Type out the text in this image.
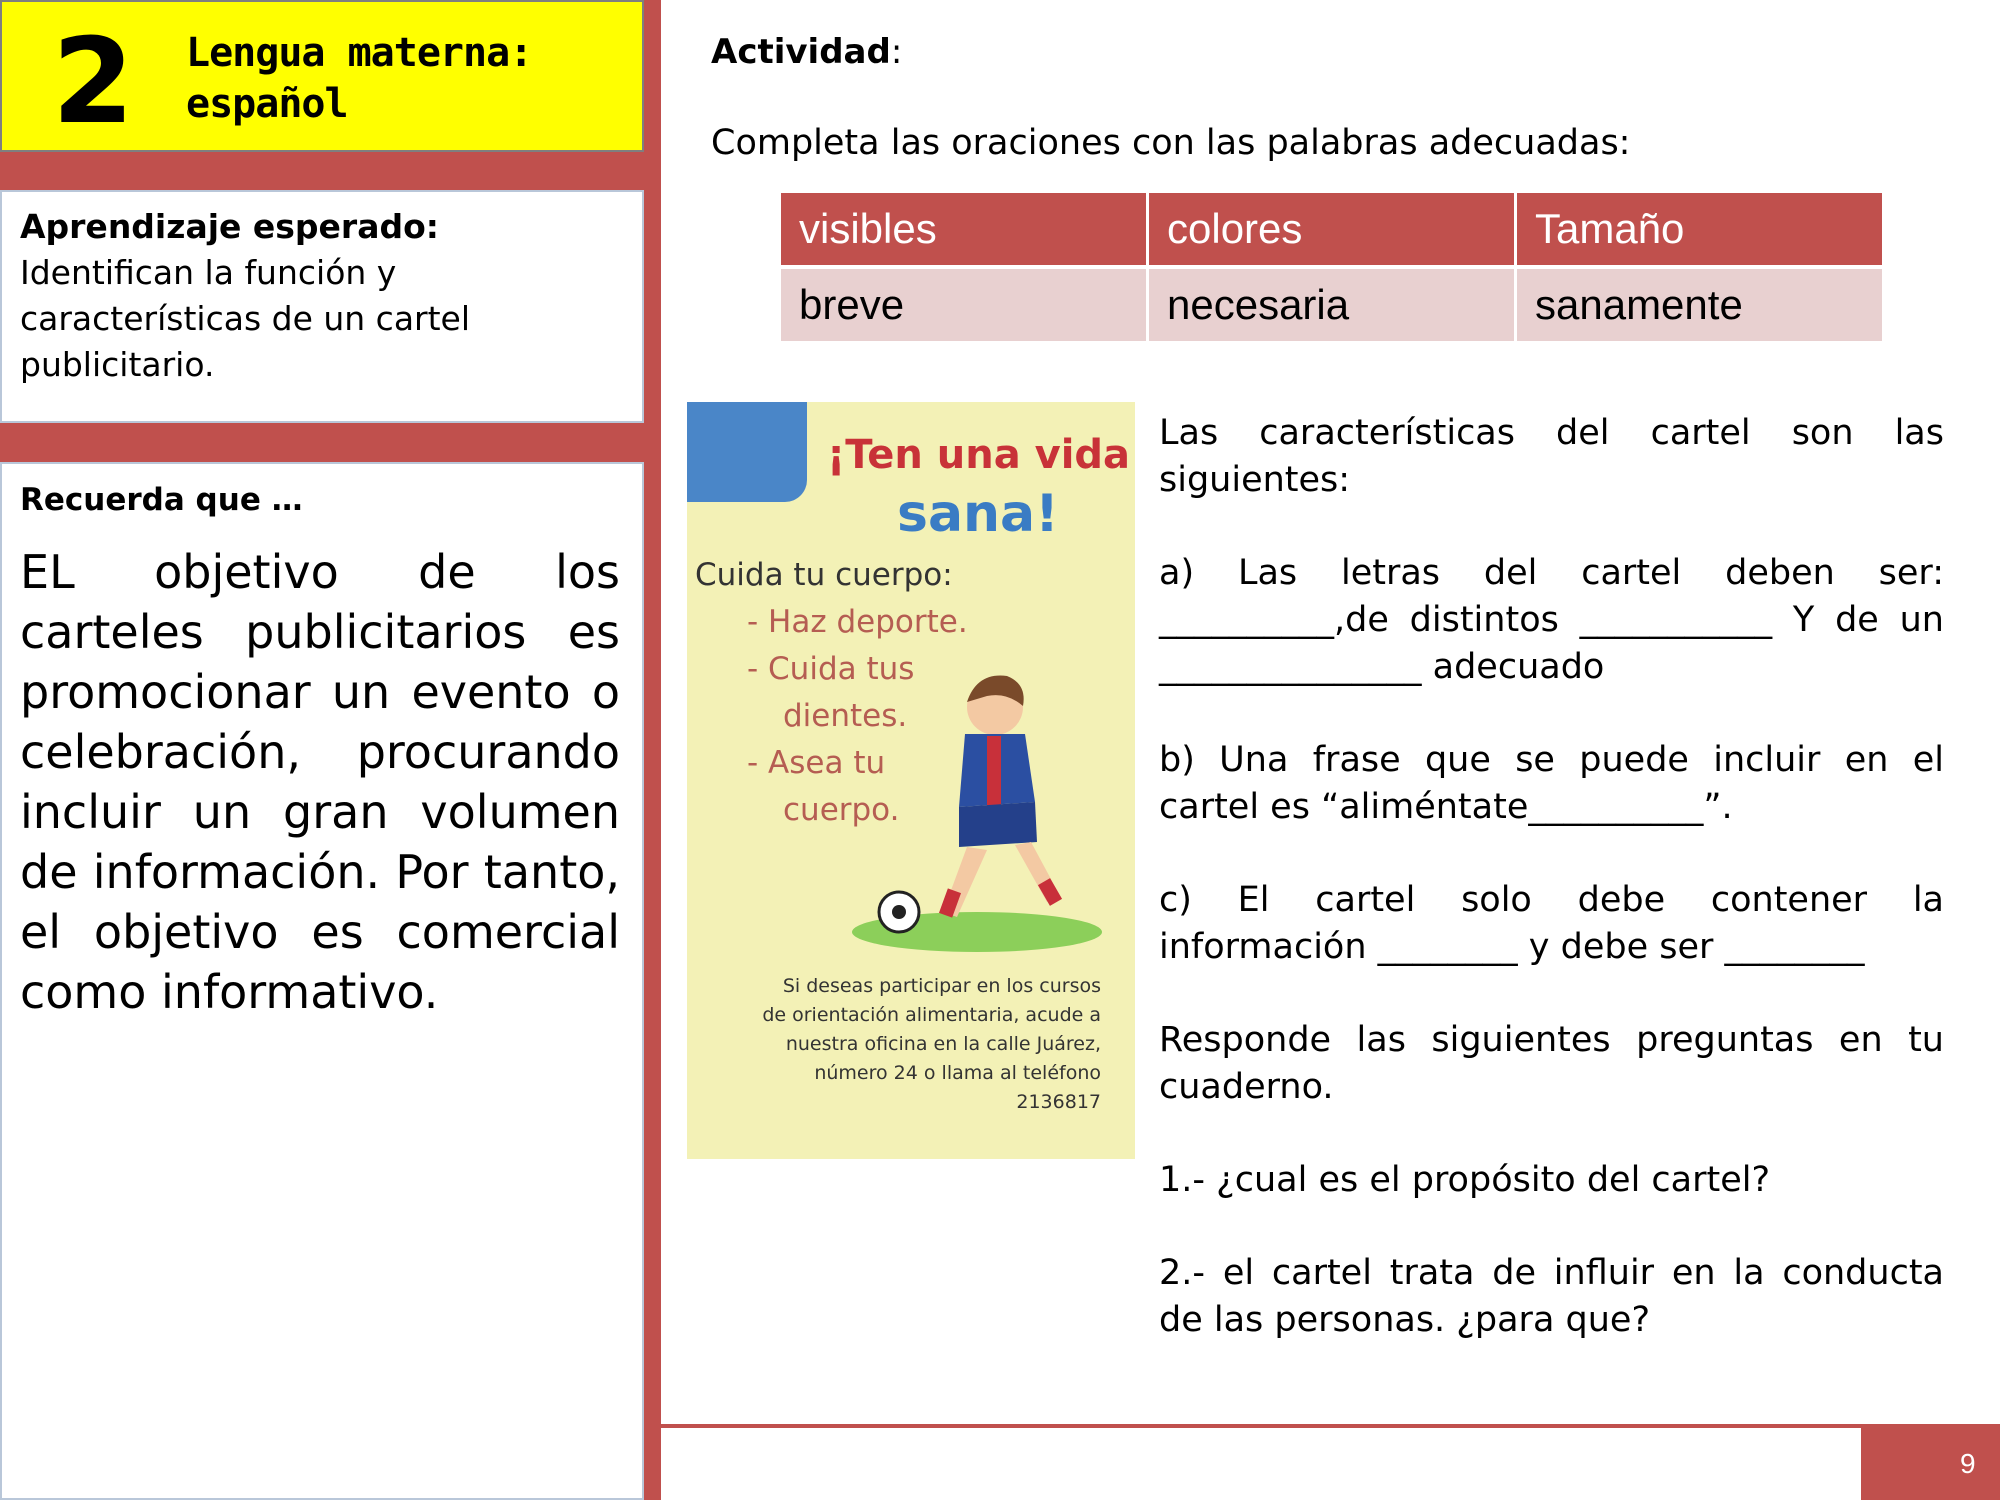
2 Lengua materna:
español
Aprendizaje esperado:
Identifican la función y características de un cartel publicitario.
Recuerda que …
EL objetivo de los carteles publicitarios es promocionar un evento o celebración, procurando incluir un gran volumen de información. Por tanto, el objetivo es comercial como informativo.
Actividad:
Completa las oraciones con las palabras adecuadas:
visibles	colores	Tamaño
breve	necesaria	sanamente
¡Ten una vida
sana!
Cuida tu cuerpo:
- Haz deporte.
- Cuida tus
dientes.
- Asea tu
cuerpo.
Si deseas participar en los cursos de orientación alimentaria, acude a nuestra oficina en la calle Juárez, número 24 o llama al teléfono 2136817

Las características del cartel son las siguientes:

a) Las letras del cartel deben ser: __________,de distintos ___________ Y de un _______________ adecuado

b) Una frase que se puede incluir en el cartel es “aliméntate__________”.

c) El cartel solo debe contener la información ________ y debe ser ________

Responde las siguientes preguntas en tu cuaderno.

1.- ¿cual es el propósito del cartel?

2.- el cartel trata de influir en la conducta de las personas. ¿para que?

9
